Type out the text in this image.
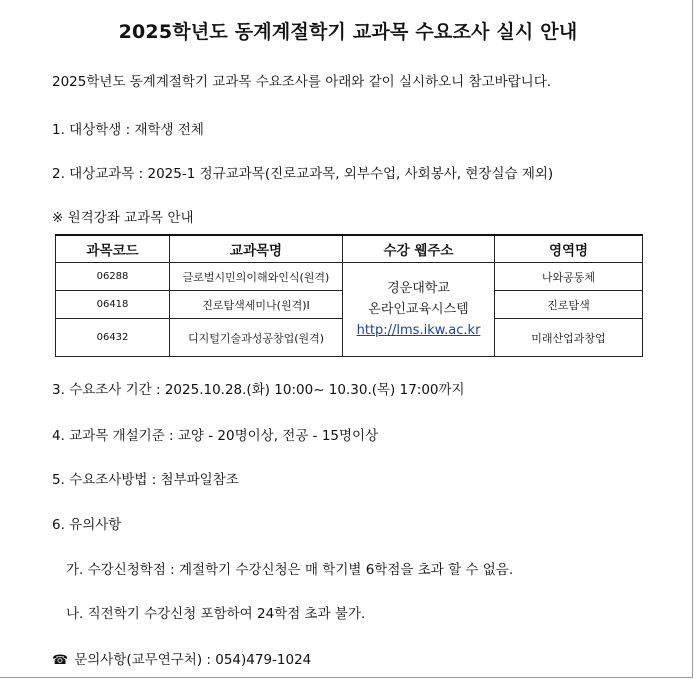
2025학년도 동계계절학기 교과목 수요조사 실시 안내
2025학년도 동계계절학기 교과목 수요조사를 아래와 같이 실시하오니 참고바랍니다.
1. 대상학생 : 재학생 전체
2. 대상교과목 : 2025-1 정규교과목(진로교과목, 외부수업, 사회봉사, 현장실습 제외)
※ 원격강좌 교과목 안내
과목코드	교과목명	수강 웹주소	영역명
06288	글로벌시민의이해와인식(원격)	경운대학교
온라인교육시스템
http://lms.ikw.ac.kr	나와공동체
06418	진로탐색세미나(원격)I		진로탐색
06432	디지털기술과성공창업(원격)		미래산업과창업
3. 수요조사 기간 : 2025.10.28.(화) 10:00~ 10.30.(목) 17:00까지
4. 교과목 개설기준 : 교양 - 20명이상, 전공 - 15명이상
5. 수요조사방법 : 첨부파일참조
6. 유의사항
가. 수강신청학점 : 계절학기 수강신청은 매 학기별 6학점을 초과 할 수 없음.
나. 직전학기 수강신청 포함하여 24학점 초과 불가.
☎ 문의사항(교무연구처) : 054)479-1024
